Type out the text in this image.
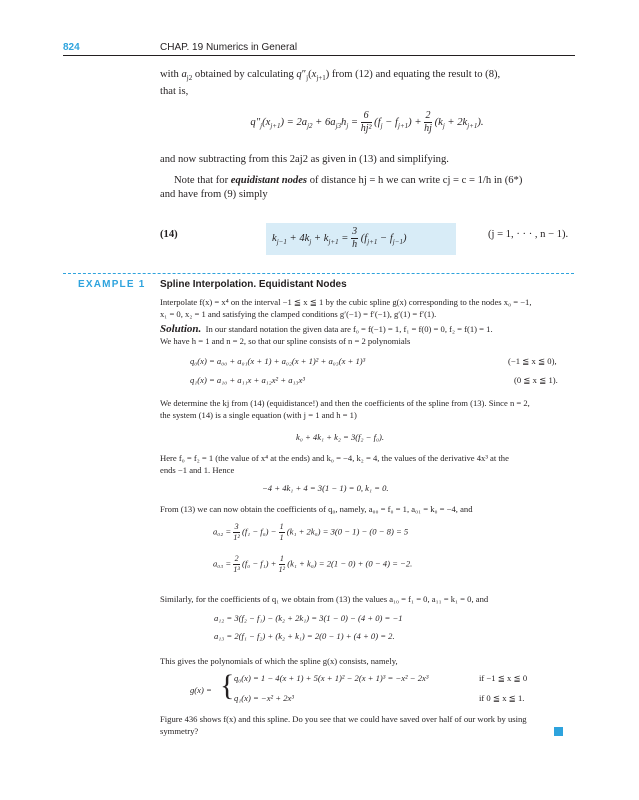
824	CHAP. 19 Numerics in General
with $a_{j2}$ obtained by calculating $q''_j(x_{j+1})$ from (12) and equating the result to (8),
that is,
$q''_j(x_{j+1}) = 2a_{j2} + 6a_{j3}h_j = \frac{6}{\text{hj²}} (f_j - f_{j+1}) + \frac{2}{hj} (k_j + 2k_{j+1})$.
and now subtracting from this 2aj2 as given in (13) and simplifying.
Note that for equidistant nodes of distance hj = h we can write cj = c = 1/h in (6*)
and have from (9) simply
(14)	$k_{j-1} + 4k_j + k_{j+1} = \frac{3}{h} (f_{j+1} - f_{j-1})$	(j = 1, · · · , n − 1).
EXAMPLE 1 Spline Interpolation. Equidistant Nodes
Interpolate f(x) = x⁴ on the interval −1 ≦ x ≦ 1 by the cubic spline g(x) corresponding to the nodes x₀ = −1,
x₁ = 0, x₂ = 1 and satisfying the clamped conditions g′(−1) = f′(−1), g′(1) = f′(1).
Solution. In our standard notation the given data are f₀ = f(−1) = 1, f₁ = f(0) = 0, f₂ = f(1) = 1.
We have h = 1 and n = 2, so that our spline consists of n = 2 polynomials
q₀(x) = a₀₀ + a₀₁(x + 1) + a₀₂(x + 1)² + a₀₃(x + 1)³	(−1 ≦ x ≦ 0),
q₁(x) = a₁₀ + a₁₁x + a₁₂x² + a₁₃x³	(0 ≦ x ≦ 1).
We determine the kj from (14) (equidistance!) and then the coefficients of the spline from (13). Since n = 2,
the system (14) is a single equation (with j = 1 and h = 1)
k₀ + 4k₁ + k₂ = 3(f₂ − f₀).
Here f₀ = f₂ = 1 (the value of x⁴ at the ends) and k₀ = −4, k₂ = 4, the values of the derivative 4x³ at the
ends −1 and 1. Hence
−4 + 4k₁ + 4 = 3(1 − 1) = 0, k₁ = 0.
From (13) we can now obtain the coefficients of q₀, namely, a₀₀ = f₀ = 1, a₀₁ = k₀ = −4, and
$a_{02} = \frac{3}{\text{1²}} (f_1 - f_0) - \frac{1}{1} (k_1 + 2k_0) = 3(0 - 1) - (0 - 8) = 5$
$a_{03} = \frac{2}{\text{1³}} (f_0 - f_1) + \frac{1}{\text{1²}} (k_1 + k_0) = 2(1 - 0) + (0 - 4) = -2$.
Similarly, for the coefficients of q₁ we obtain from (13) the values a₁₀ = f₁ = 0, a₁₁ = k₁ = 0, and
a₁₂ = 3(f₂ − f₁) − (k₂ + 2k₁) = 3(1 − 0) − (4 + 0) = −1
a₁₃ = 2(f₁ − f₂) + (k₂ + k₁) = 2(0 − 1) + (4 + 0) = 2.
This gives the polynomials of which the spline g(x) consists, namely,
g(x) = { q₀(x) = 1 − 4(x + 1) + 5(x + 1)² − 2(x + 1)³ = −x² − 2x³	if −1 ≦ x ≦ 0
q₁(x) = −x² + 2x³	if 0 ≦ x ≦ 1.
Figure 436 shows f(x) and this spline. Do you see that we could have saved over half of our work by using
symmetry?
